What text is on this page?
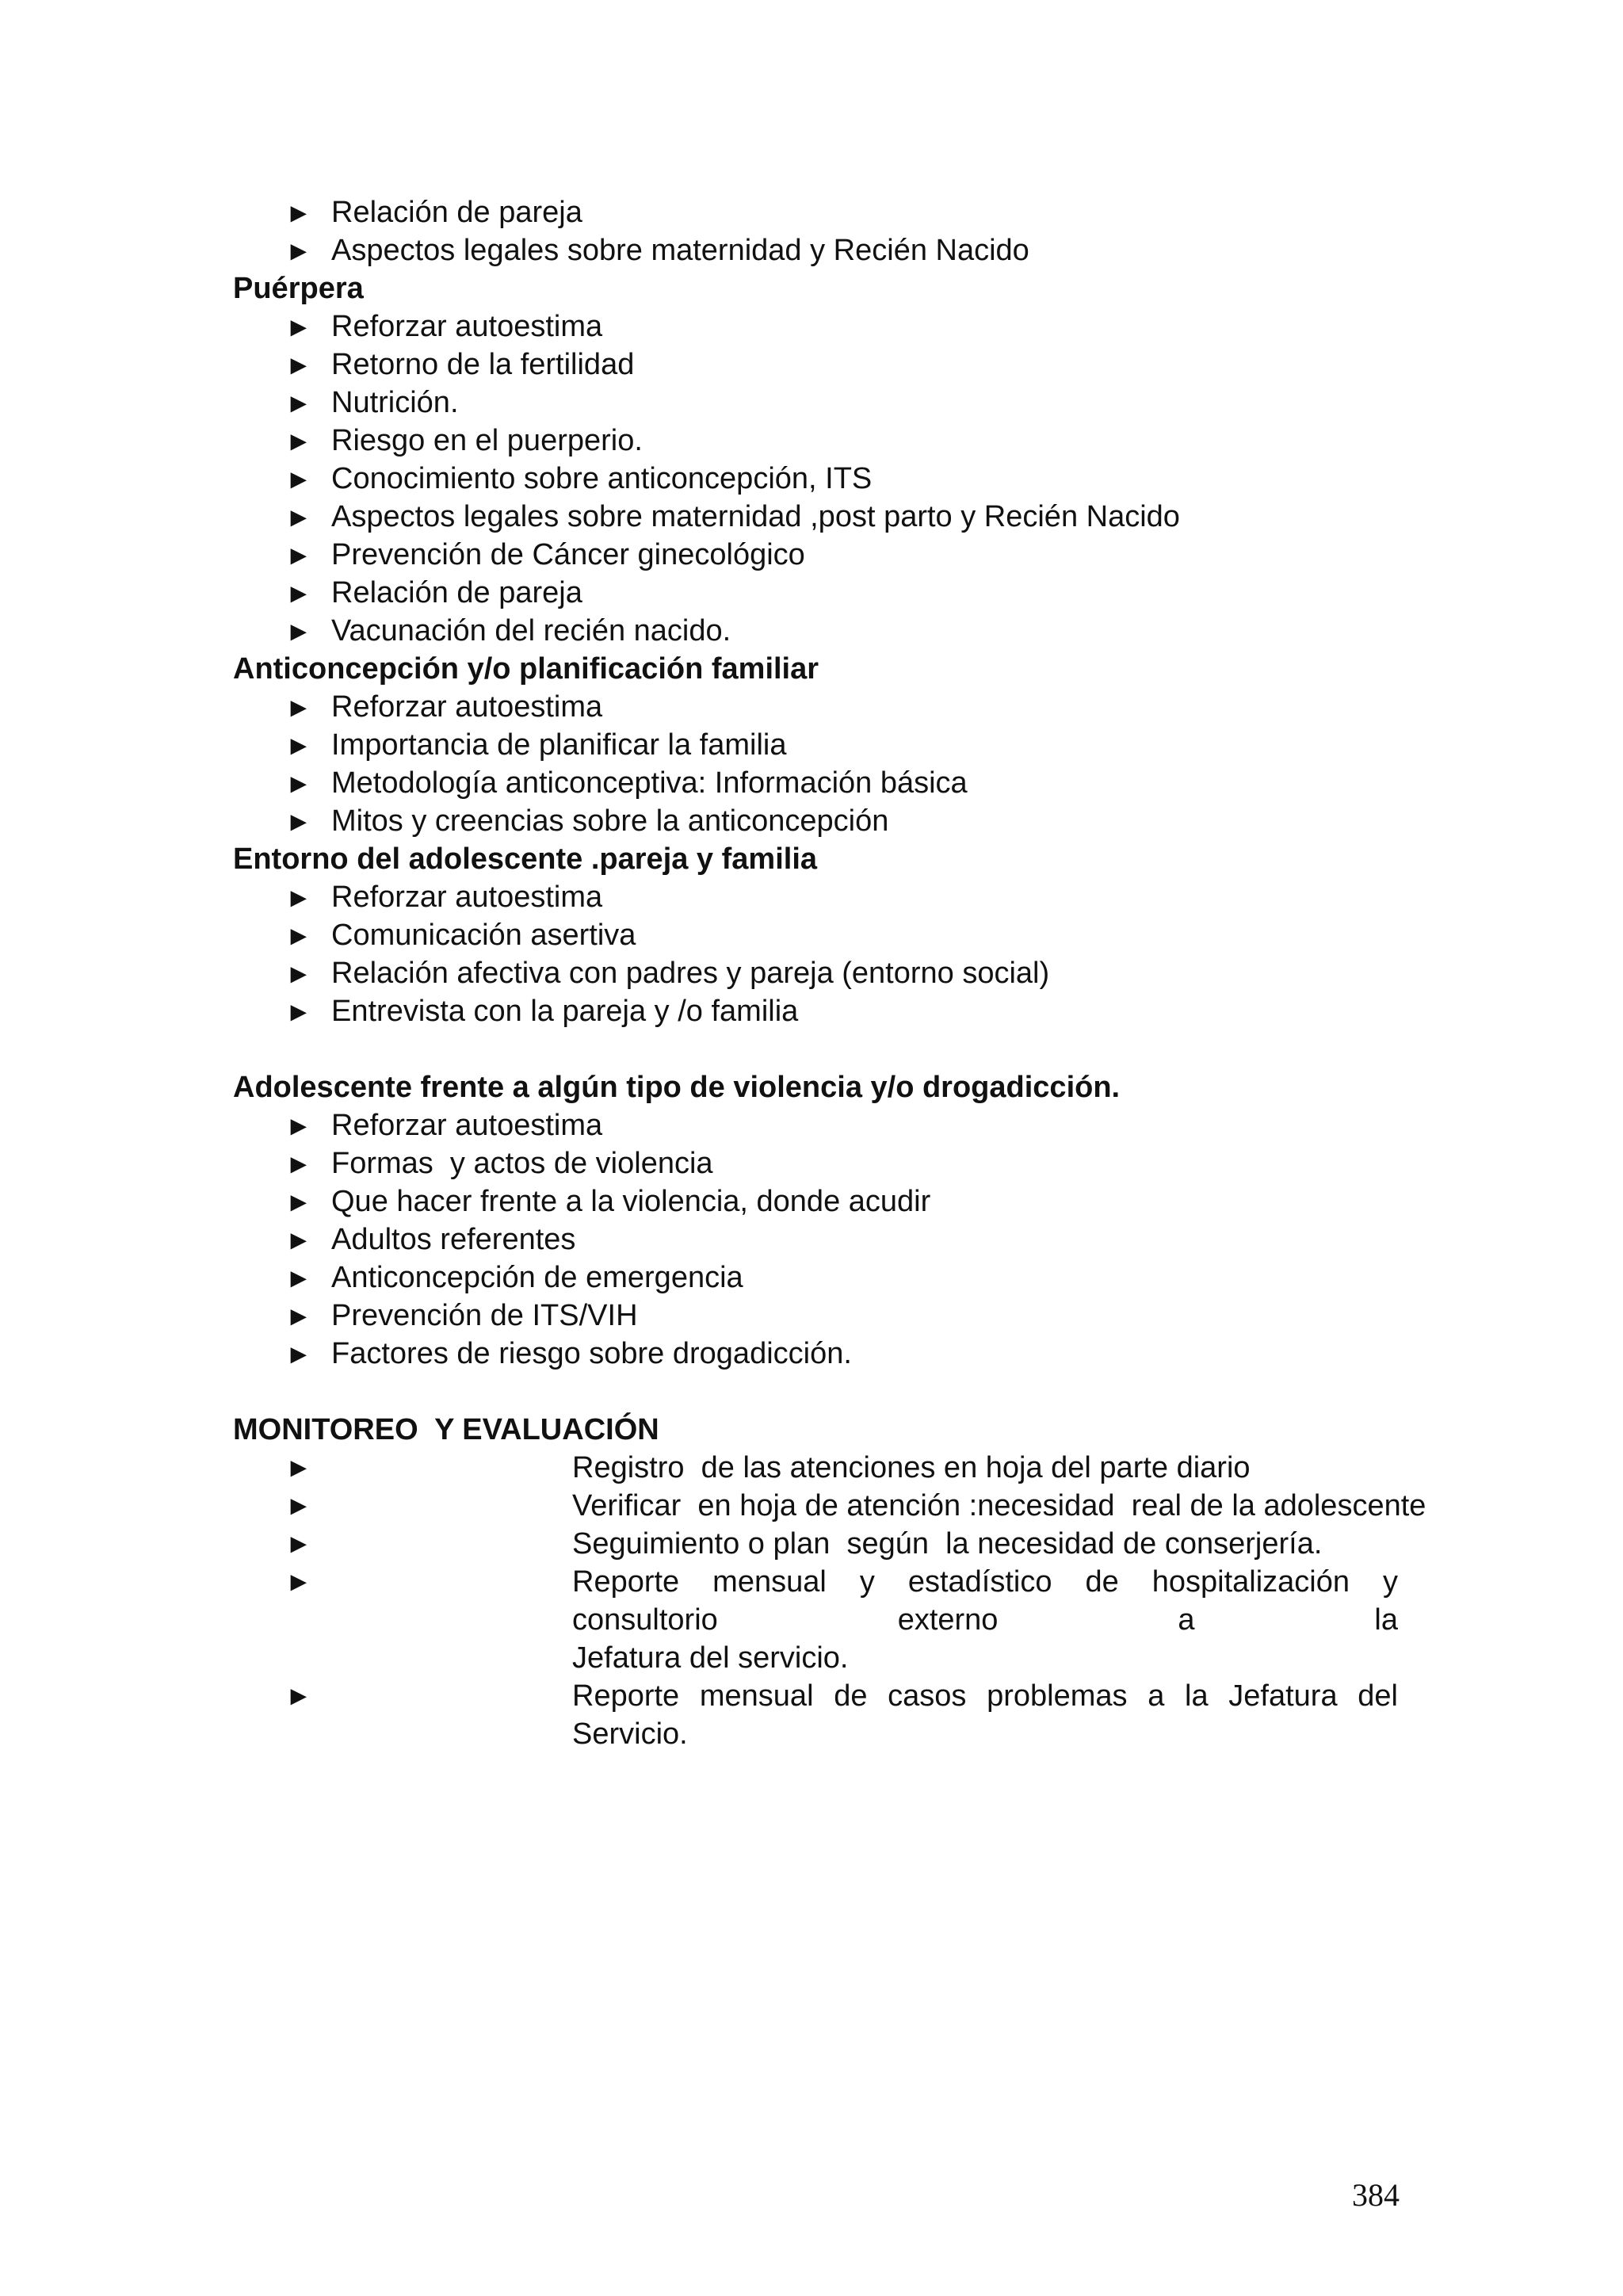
► Relación de pareja
► Aspectos legales sobre maternidad y Recién Nacido
Puérpera
► Reforzar autoestima
► Retorno de la fertilidad
► Nutrición.
► Riesgo en el puerperio.
► Conocimiento sobre anticoncepción, ITS
► Aspectos legales sobre maternidad ,post parto y Recién Nacido
► Prevención de Cáncer ginecológico
► Relación de pareja
► Vacunación del recién nacido.
Anticoncepción y/o planificación familiar
► Reforzar autoestima
► Importancia de planificar la familia
► Metodología anticonceptiva: Información básica
► Mitos y creencias sobre la anticoncepción
Entorno del adolescente .pareja y familia
► Reforzar autoestima
► Comunicación asertiva
► Relación afectiva con padres y pareja (entorno social)
► Entrevista con la pareja y /o familia
Adolescente frente a algún tipo de violencia y/o drogadicción.
► Reforzar autoestima
► Formas  y actos de violencia
► Que hacer frente a la violencia, donde acudir
► Adultos referentes
► Anticoncepción de emergencia
► Prevención de ITS/VIH
► Factores de riesgo sobre drogadicción.
MONITOREO  Y EVALUACIÓN
►	Registro  de las atenciones en hoja del parte diario
►	Verificar  en hoja de atención :necesidad  real de la adolescente
►	Seguimiento o plan  según  la necesidad de conserjería.
►	Reporte mensual y estadístico de hospitalización y consultorio externo a la
Jefatura del servicio.
►	Reporte mensual de casos problemas a la Jefatura del Servicio.
384
